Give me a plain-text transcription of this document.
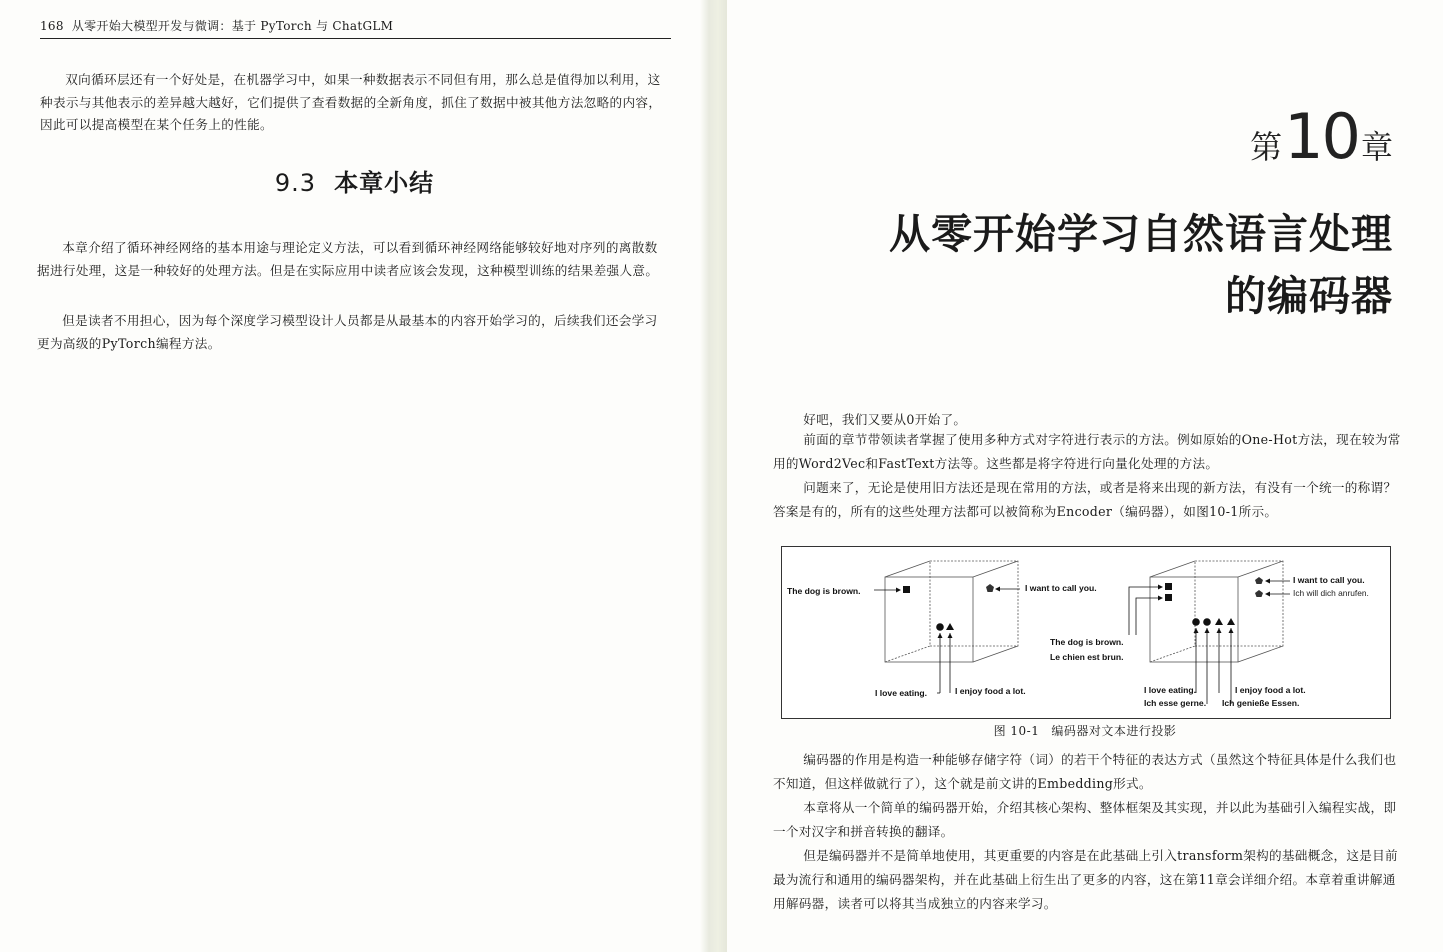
168 从零开始大模型开发与微调：基于 PyTorch 与 ChatGLM

双向循环层还有一个好处是，在机器学习中，如果一种数据表示不同但有用，那么总是值得加以利用，这种表示与其他表示的差异越大越好，它们提供了查看数据的全新角度，抓住了数据中被其他方法忽略的内容，因此可以提高模型在某个任务上的性能。

9.3 本章小结

本章介绍了循环神经网络的基本用途与理论定义方法，可以看到循环神经网络能够较好地对序列的离散数据进行处理，这是一种较好的处理方法。但是在实际应用中读者应该会发现，这种模型训练的结果差强人意。

但是读者不用担心，因为每个深度学习模型设计人员都是从最基本的内容开始学习的，后续我们还会学习更为高级的PyTorch编程方法。

第10章
从零开始学习自然语言处理
的编码器

好吧，我们又要从0开始了。

前面的章节带领读者掌握了使用多种方式对字符进行表示的方法。例如原始的One-Hot方法，现在较为常用的Word2Vec和FastText方法等。这些都是将字符进行向量化处理的方法。

问题来了，无论是使用旧方法还是现在常用的方法，或者是将来出现的新方法，有没有一个统一的称谓？答案是有的，所有的这些处理方法都可以被简称为Encoder（编码器），如图10-1所示。

The dog is brown.	I want to call you.
I love eating.	I enjoy food a lot.
The dog is brown.
Le chien est brun.
I want to call you.
Ich will dich anrufen.
I love eating.
Ich esse gerne.
I enjoy food a lot.
Ich genieße Essen.
图 10-1 编码器对文本进行投影

编码器的作用是构造一种能够存储字符（词）的若干个特征的表达方式（虽然这个特征具体是什么我们也不知道，但这样做就行了），这个就是前文讲的Embedding形式。

本章将从一个简单的编码器开始，介绍其核心架构、整体框架及其实现，并以此为基础引入编程实战，即一个对汉字和拼音转换的翻译。

但是编码器并不是简单地使用，其更重要的内容是在此基础上引入transform架构的基础概念，这是目前最为流行和通用的编码器架构，并在此基础上衍生出了更多的内容，这在第11章会详细介绍。本章着重讲解通用解码器，读者可以将其当成独立的内容来学习。
